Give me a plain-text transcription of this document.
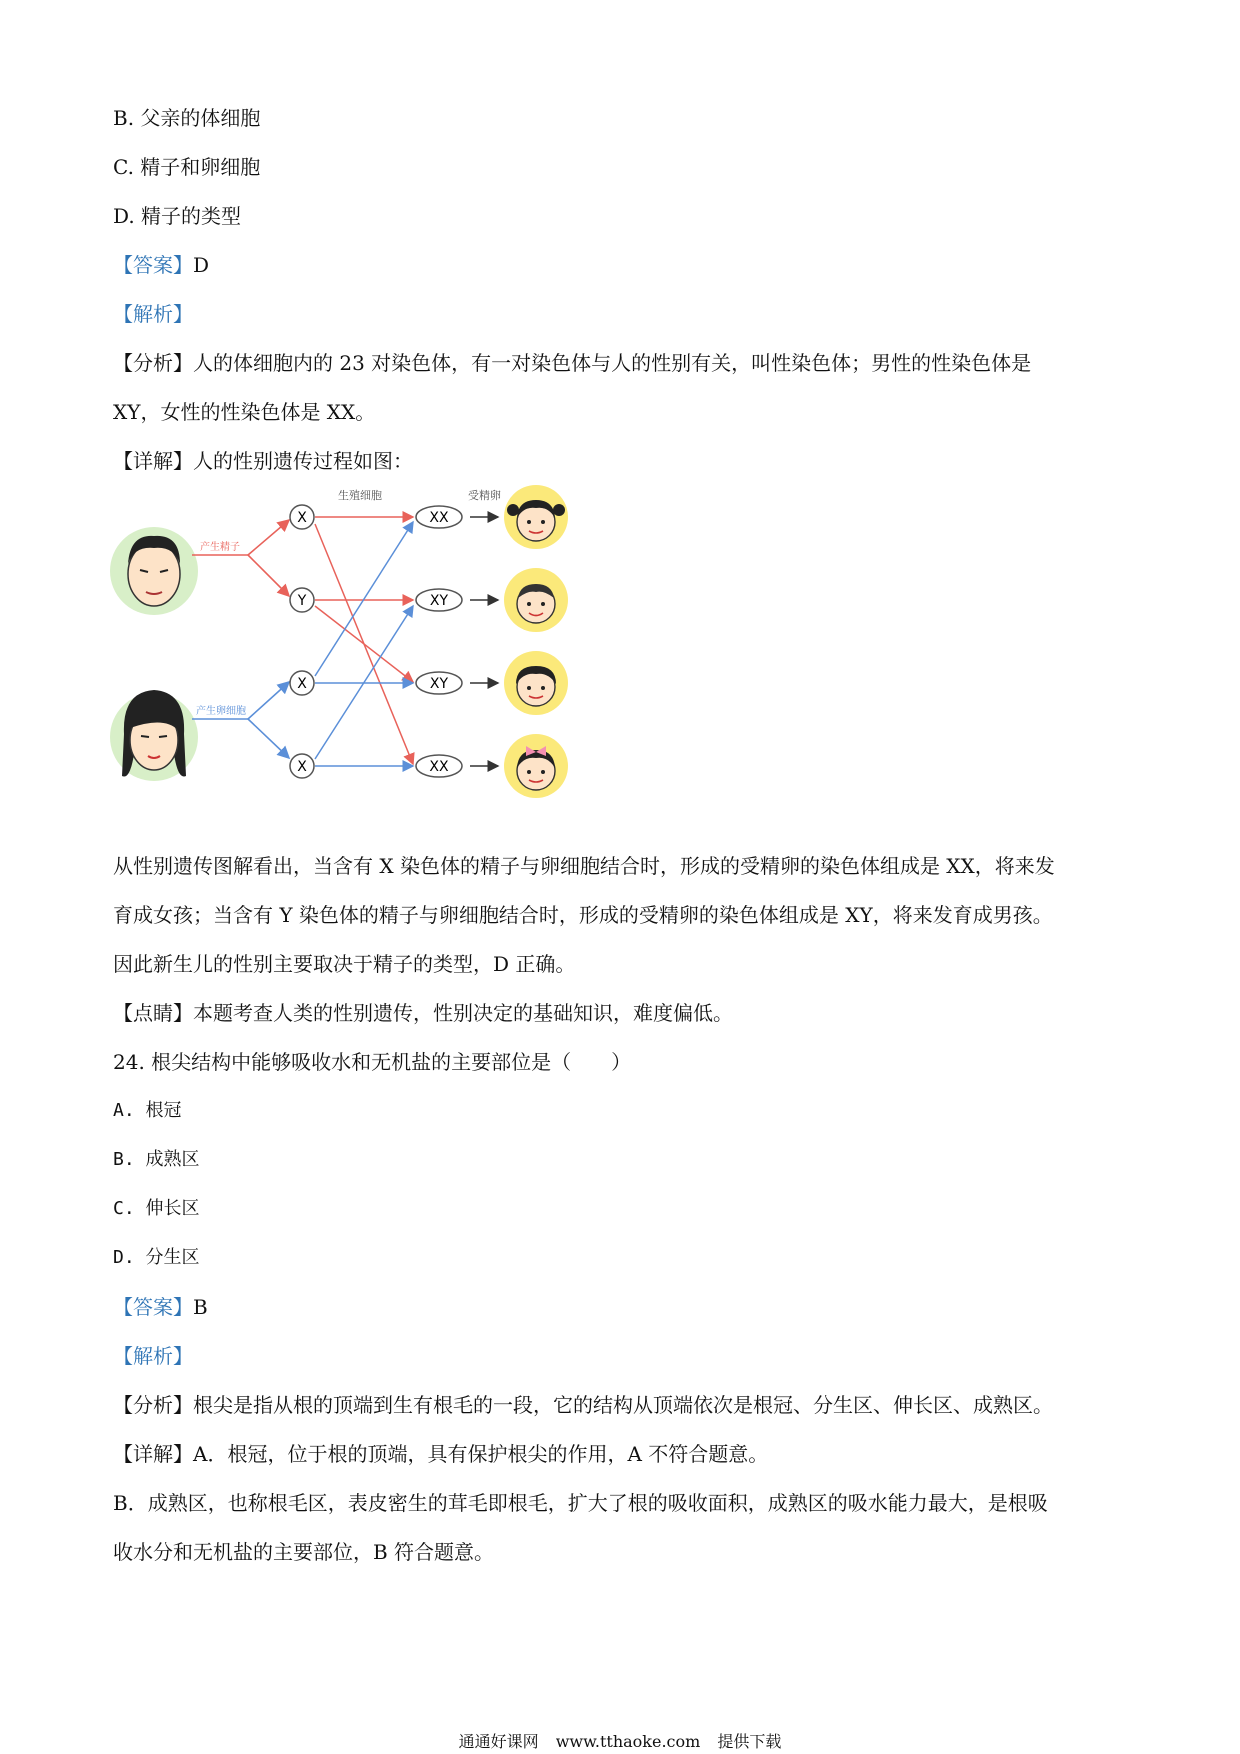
B. 父亲的体细胞
C. 精子和卵细胞
D. 精子的类型
【答案】D
【解析】
【分析】人的体细胞内的 23 对染色体，有一对染色体与人的性别有关，叫性染色体；男性的性染色体是
XY，女性的性染色体是 XX。
【详解】人的性别遗传过程如图：
生殖细胞	受精卵
产生精子
产生卵细胞
X
Y
X
X
XX
XY
XY
XX
从性别遗传图解看出，当含有 X 染色体的精子与卵细胞结合时，形成的受精卵的染色体组成是 XX，将来发
育成女孩；当含有 Y 染色体的精子与卵细胞结合时，形成的受精卵的染色体组成是 XY，将来发育成男孩。
因此新生儿的性别主要取决于精子的类型，D 正确。
【点睛】本题考查人类的性别遗传，性别决定的基础知识，难度偏低。
24. 根尖结构中能够吸收水和无机盐的主要部位是（　　）
A. 根冠
B. 成熟区
C. 伸长区
D. 分生区
【答案】B
【解析】
【分析】根尖是指从根的顶端到生有根毛的一段，它的结构从顶端依次是根冠、分生区、伸长区、成熟区。
【详解】A．根冠，位于根的顶端，具有保护根尖的作用，A 不符合题意。
B．成熟区，也称根毛区，表皮密生的茸毛即根毛，扩大了根的吸收面积，成熟区的吸水能力最大，是根吸
收水分和无机盐的主要部位，B 符合题意。
通通好课网 www.tthaoke.com 提供下载
